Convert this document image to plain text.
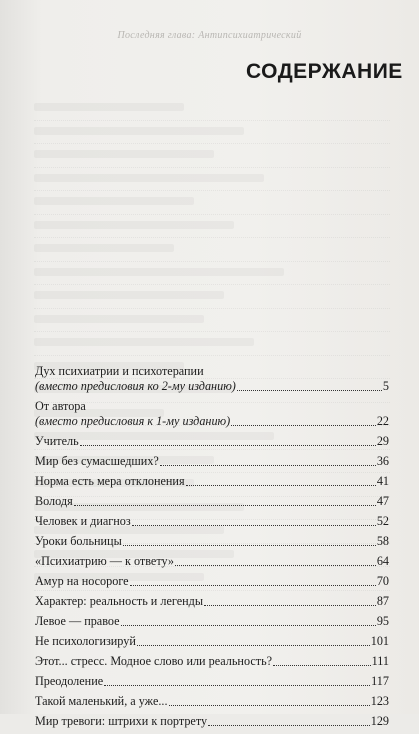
Последняя глава: Антипсихиатрический
СОДЕРЖАНИЕ
Дух психиатрии и психотерапии
(вместо предисловия ко 2-му изданию)	5
От автора
(вместо предисловия к 1-му изданию)	22
Учитель	29
Мир без сумасшедших?	36
Норма есть мера отклонения	41
Володя	47
Человек и диагноз	52
Уроки больницы	58
«Психиатрию — к ответу»	64
Амур на носороге	70
Характер: реальность и легенды	87
Левое — правое	95
Не психологизируй	101
Этот... стресс. Модное слово или реальность?	111
Преодоление	117
Такой маленький, а уже...	123
Мир тревоги: штрихи к портрету	129
